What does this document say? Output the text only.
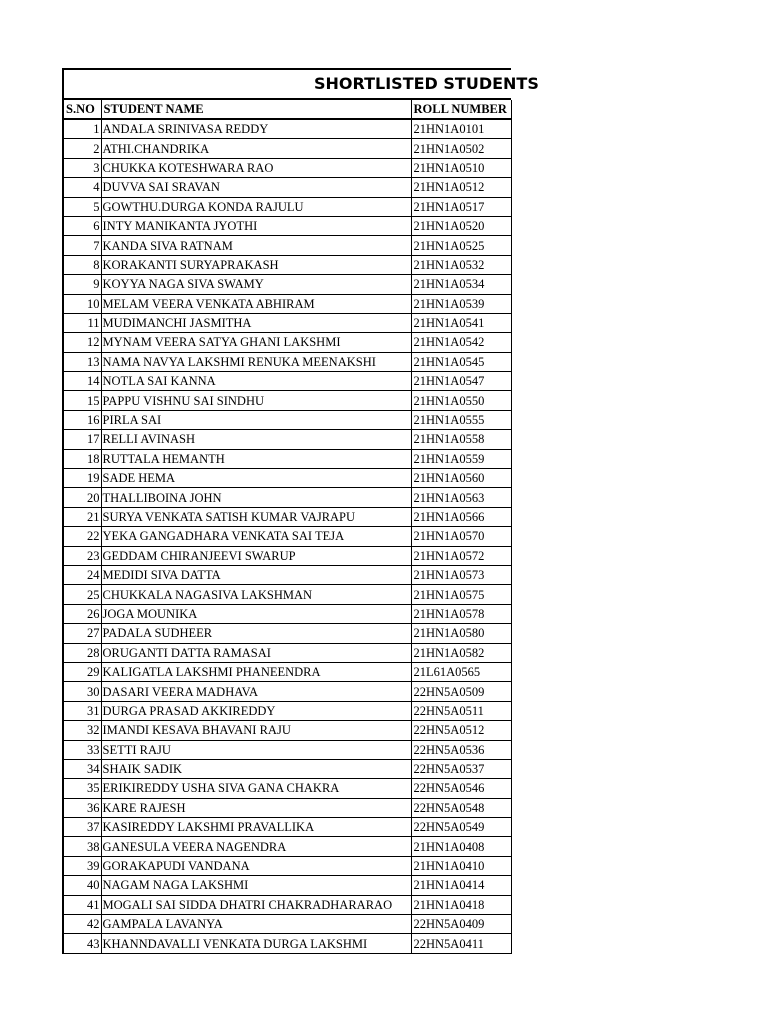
SHORTLISTED STUDENTS
S.NO	STUDENT NAME	ROLL NUMBER
1	ANDALA SRINIVASA REDDY	21HN1A0101
2	ATHI.CHANDRIKA	21HN1A0502
3	CHUKKA KOTESHWARA RAO	21HN1A0510
4	DUVVA SAI SRAVAN	21HN1A0512
5	GOWTHU.DURGA KONDA RAJULU	21HN1A0517
6	INTY MANIKANTA JYOTHI	21HN1A0520
7	KANDA SIVA RATNAM	21HN1A0525
8	KORAKANTI SURYAPRAKASH	21HN1A0532
9	KOYYA NAGA SIVA SWAMY	21HN1A0534
10	MELAM VEERA VENKATA ABHIRAM	21HN1A0539
11	MUDIMANCHI JASMITHA	21HN1A0541
12	MYNAM VEERA SATYA GHANI LAKSHMI	21HN1A0542
13	NAMA NAVYA LAKSHMI RENUKA MEENAKSHI	21HN1A0545
14	NOTLA SAI KANNA	21HN1A0547
15	PAPPU VISHNU SAI SINDHU	21HN1A0550
16	PIRLA SAI	21HN1A0555
17	RELLI AVINASH	21HN1A0558
18	RUTTALA HEMANTH	21HN1A0559
19	SADE HEMA	21HN1A0560
20	THALLIBOINA JOHN	21HN1A0563
21	SURYA VENKATA SATISH KUMAR VAJRAPU	21HN1A0566
22	YEKA GANGADHARA VENKATA SAI TEJA	21HN1A0570
23	GEDDAM CHIRANJEEVI SWARUP	21HN1A0572
24	MEDIDI SIVA DATTA	21HN1A0573
25	CHUKKALA NAGASIVA LAKSHMAN	21HN1A0575
26	JOGA MOUNIKA	21HN1A0578
27	PADALA SUDHEER	21HN1A0580
28	ORUGANTI DATTA RAMASAI	21HN1A0582
29	KALIGATLA LAKSHMI PHANEENDRA	21L61A0565
30	DASARI VEERA MADHAVA	22HN5A0509
31	DURGA PRASAD AKKIREDDY	22HN5A0511
32	IMANDI KESAVA BHAVANI RAJU	22HN5A0512
33	SETTI RAJU	22HN5A0536
34	SHAIK SADIK	22HN5A0537
35	ERIKIREDDY USHA SIVA GANA CHAKRA	22HN5A0546
36	KARE RAJESH	22HN5A0548
37	KASIREDDY LAKSHMI PRAVALLIKA	22HN5A0549
38	GANESULA VEERA NAGENDRA	21HN1A0408
39	GORAKAPUDI VANDANA	21HN1A0410
40	NAGAM NAGA LAKSHMI	21HN1A0414
41	MOGALI SAI SIDDA DHATRI CHAKRADHARARAO	21HN1A0418
42	GAMPALA LAVANYA	22HN5A0409
43	KHANNDAVALLI VENKATA DURGA LAKSHMI	22HN5A0411
